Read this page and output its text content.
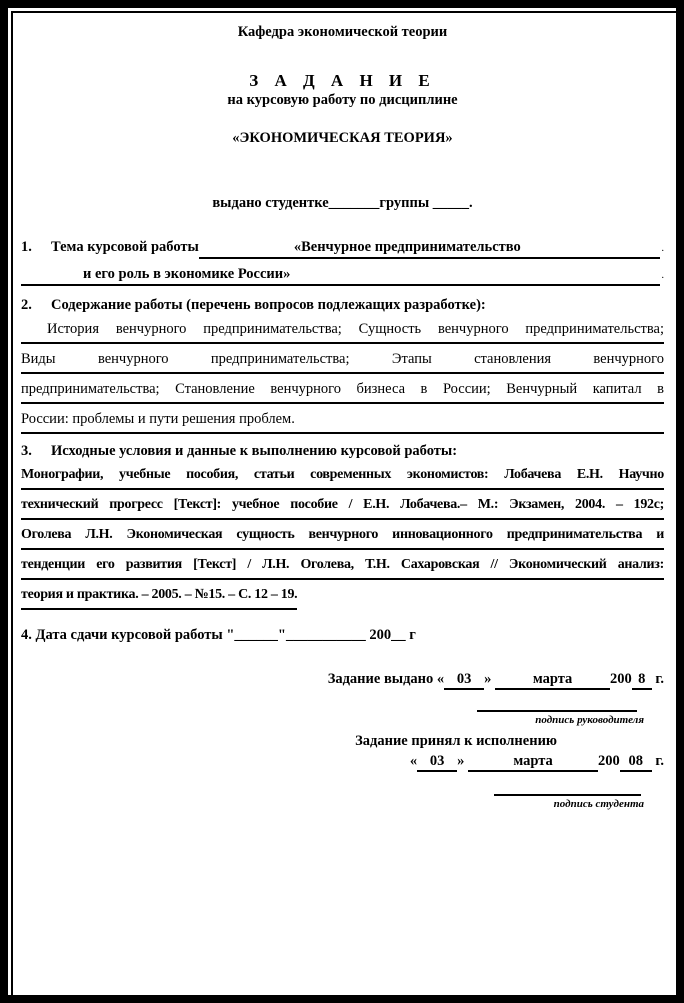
Кафедра экономической теории
З А Д А Н И Е
на курсовую работу по дисциплине
«ЭКОНОМИЧЕСКАЯ ТЕОРИЯ»
выдано студентке_______группы _____.
1.	Тема курсовой работы	«Венчурное предпринимательство	.
и его роль в экономике России»	.
2.	Содержание работы (перечень вопросов подлежащих разработке):
История венчурного предпринимательства; Сущность венчурного предпринимательства;
Виды венчурного предпринимательства; Этапы становления венчурного
предпринимательства; Становление венчурного бизнеса в России; Венчурный капитал в
России: проблемы и пути решения проблем.
3.	Исходные условия и данные к выполнению курсовой работы:
Монографии, учебные пособия, статьи современных экономистов: Лобачева Е.Н. Научно
технический прогресс [Текст]: учебное пособие / Е.Н. Лобачева.– М.: Экзамен, 2004. – 192с;
Оголева Л.Н. Экономическая сущность венчурного инновационного предпринимательства и
тенденции его развития [Текст] / Л.Н. Оголева, Т.Н. Сахаровская // Экономический анализ:
теория и практика. – 2005. – №15. – С. 12 – 19.
4. Дата сдачи курсовой работы "______"___________ 200__ г
Задание выдано « 03 »	марта	200 8 г.
подпись руководителя
Задание принял к исполнению
« 03 »	марта	200 08 г.
подпись студента
